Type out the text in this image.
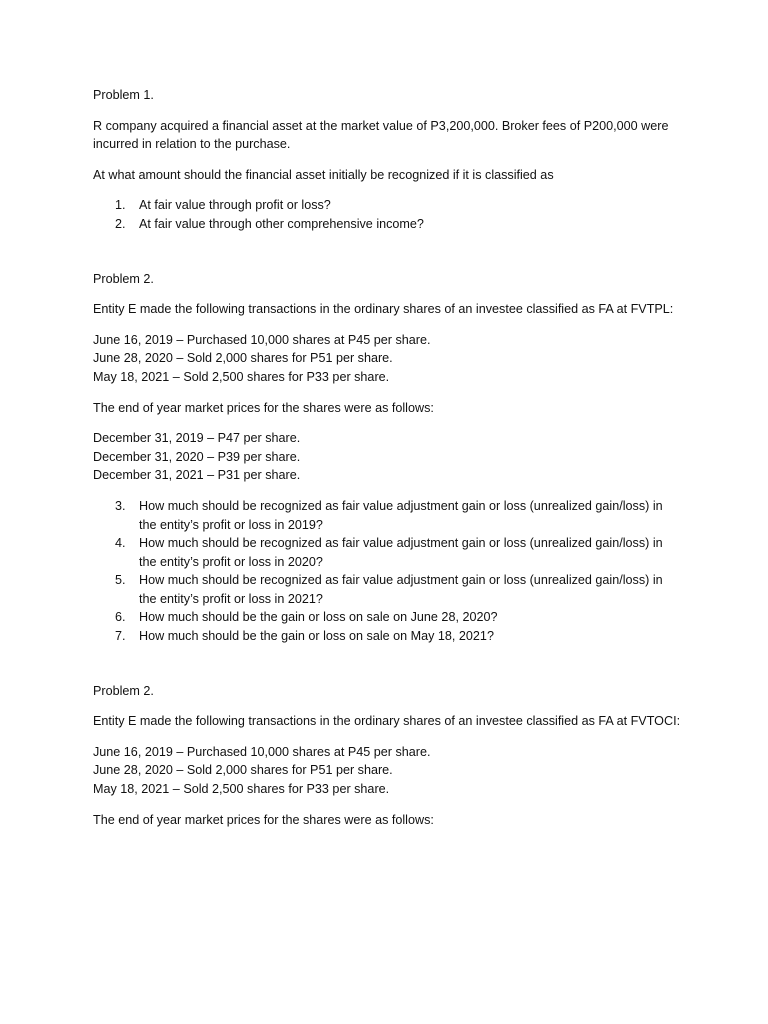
Problem 1.

R company acquired a financial asset at the market value of P3,200,000. Broker fees of P200,000 were incurred in relation to the purchase.

At what amount should the financial asset initially be recognized if it is classified as

1. At fair value through profit or loss?
2. At fair value through other comprehensive income?

Problem 2.

Entity E made the following transactions in the ordinary shares of an investee classified as FA at FVTPL:

June 16, 2019 – Purchased 10,000 shares at P45 per share.
June 28, 2020 – Sold 2,000 shares for P51 per share.
May 18, 2021 – Sold 2,500 shares for P33 per share.

The end of year market prices for the shares were as follows:

December 31, 2019 – P47 per share.
December 31, 2020 – P39 per share.
December 31, 2021 – P31 per share.
3. How much should be recognized as fair value adjustment gain or loss (unrealized gain/loss) in the entity’s profit or loss in 2019?
4. How much should be recognized as fair value adjustment gain or loss (unrealized gain/loss) in the entity’s profit or loss in 2020?
5. How much should be recognized as fair value adjustment gain or loss (unrealized gain/loss) in the entity’s profit or loss in 2021?
6. How much should be the gain or loss on sale on June 28, 2020?
7. How much should be the gain or loss on sale on May 18, 2021?

Problem 2.

Entity E made the following transactions in the ordinary shares of an investee classified as FA at FVTOCI:

June 16, 2019 – Purchased 10,000 shares at P45 per share.
June 28, 2020 – Sold 2,000 shares for P51 per share.
May 18, 2021 – Sold 2,500 shares for P33 per share.

The end of year market prices for the shares were as follows:
